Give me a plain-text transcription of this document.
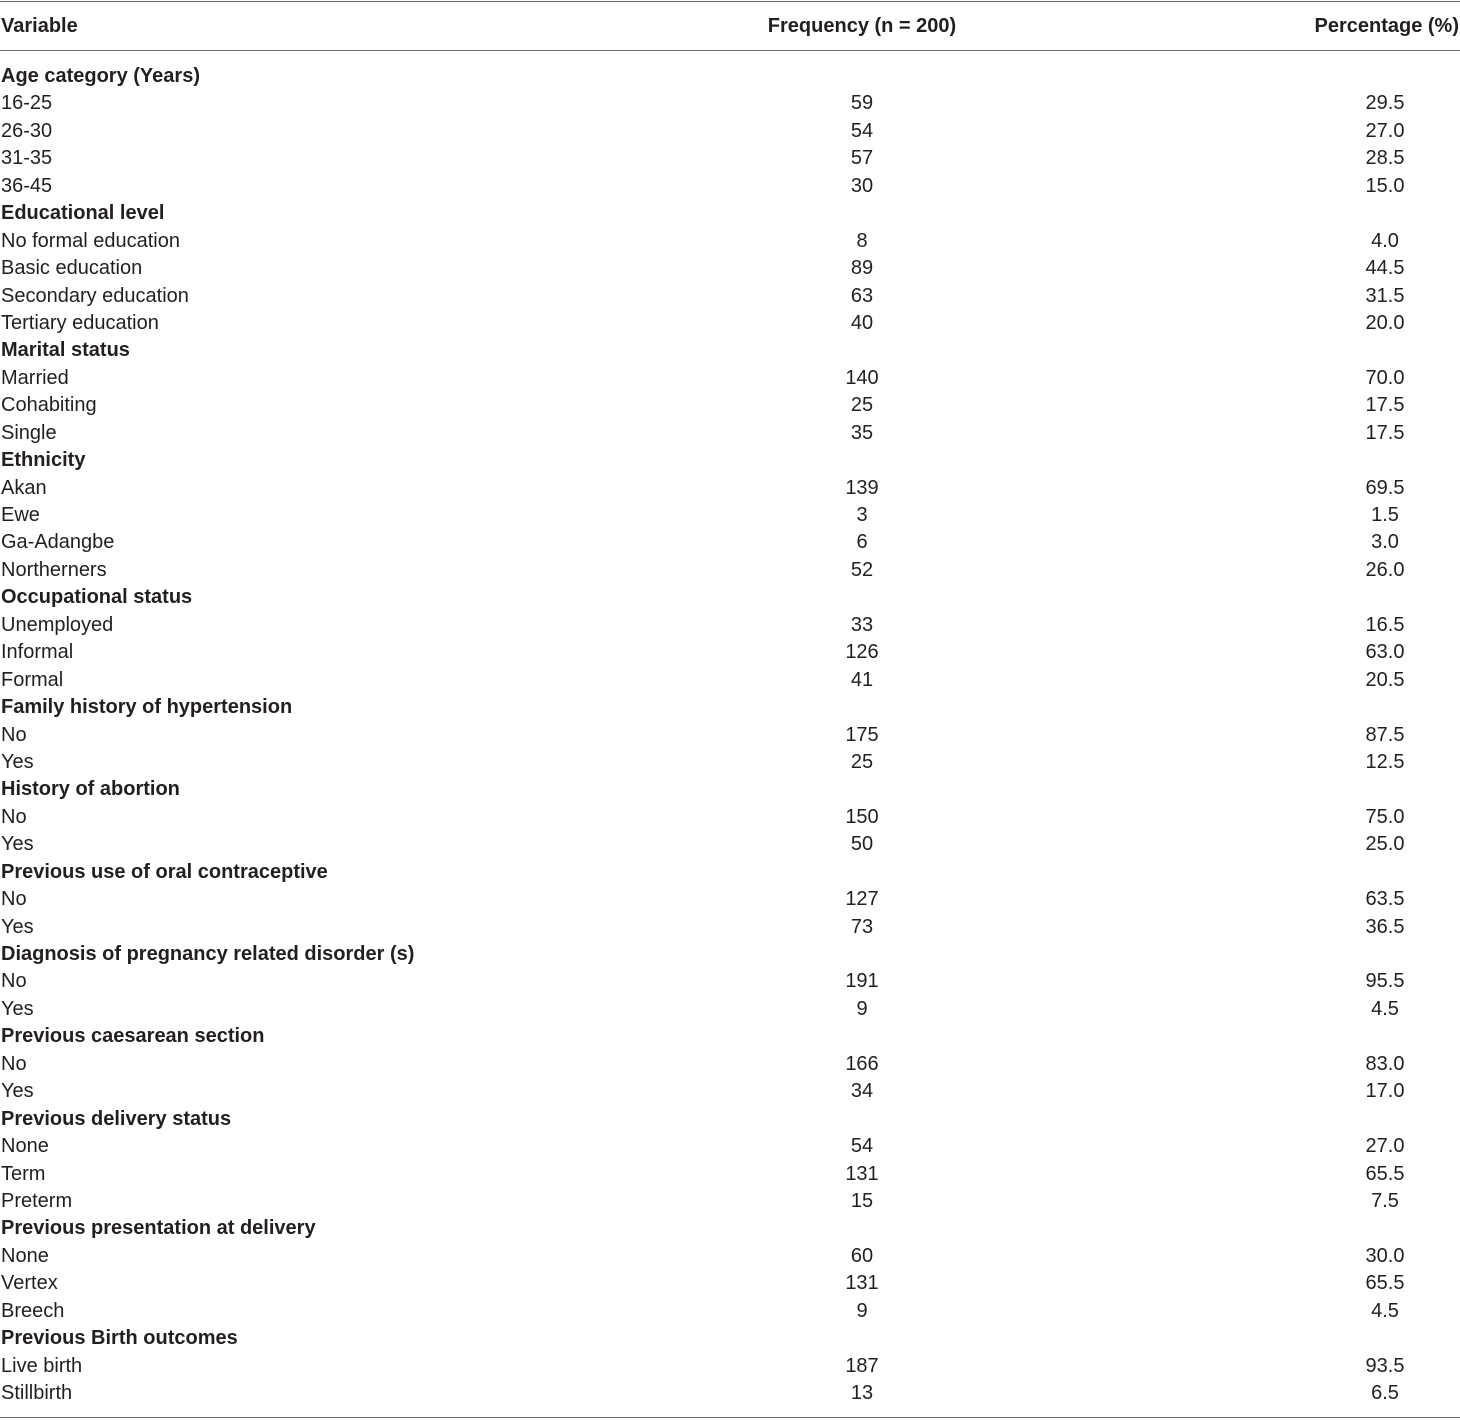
Variable	Frequency (n = 200)	Percentage (%)
Age category (Years)
16-25	59	29.5
26-30	54	27.0
31-35	57	28.5
36-45	30	15.0
Educational level
No formal education	8	4.0
Basic education	89	44.5
Secondary education	63	31.5
Tertiary education	40	20.0
Marital status
Married	140	70.0
Cohabiting	25	17.5
Single	35	17.5
Ethnicity
Akan	139	69.5
Ewe	3	1.5
Ga-Adangbe	6	3.0
Northerners	52	26.0
Occupational status
Unemployed	33	16.5
Informal	126	63.0
Formal	41	20.5
Family history of hypertension
No	175	87.5
Yes	25	12.5
History of abortion
No	150	75.0
Yes	50	25.0
Previous use of oral contraceptive
No	127	63.5
Yes	73	36.5
Diagnosis of pregnancy related disorder (s)
No	191	95.5
Yes	9	4.5
Previous caesarean section
No	166	83.0
Yes	34	17.0
Previous delivery status
None	54	27.0
Term	131	65.5
Preterm	15	7.5
Previous presentation at delivery
None	60	30.0
Vertex	131	65.5
Breech	9	4.5
Previous Birth outcomes
Live birth	187	93.5
Stillbirth	13	6.5
